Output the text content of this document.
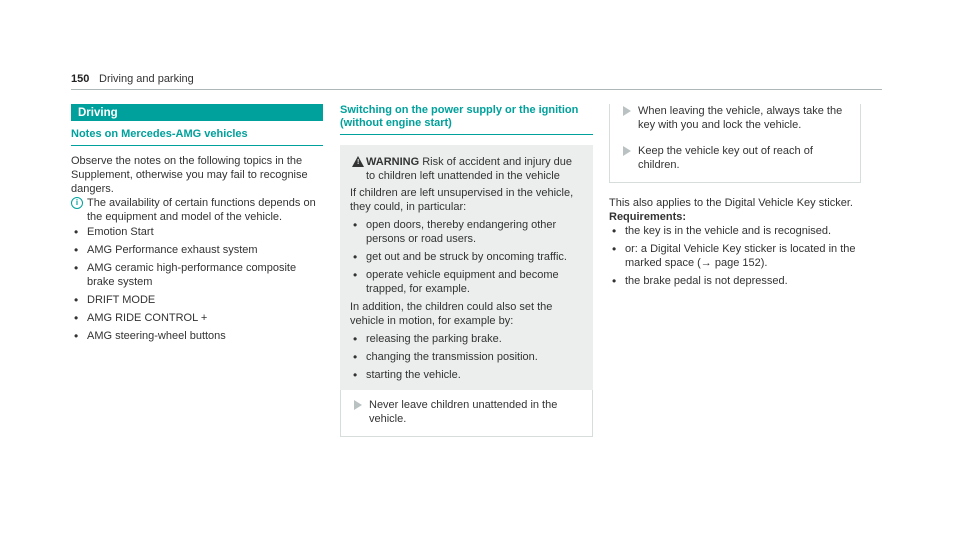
150 Driving and parking
Driving
Notes on Mercedes-AMG vehicles

Observe the notes on the following topics in the Supplement, otherwise you may fail to recognise dangers.

i The availability of certain functions depends on the equipment and model of the vehicle.
• Emotion Start
• AMG Performance exhaust system
• AMG ceramic high-performance composite brake system
• DRIFT MODE
• AMG RIDE CONTROL +
• AMG steering-wheel buttons
Switching on the power supply or the ignition (without engine start)
! WARNING Risk of accident and injury due to children left unattended in the vehicle

If children are left unsupervised in the vehicle, they could, in particular:

• open doors, thereby endangering other persons or road users.
• get out and be struck by oncoming traffic.
• operate vehicle equipment and become trapped, for example.

In addition, the children could also set the vehicle in motion, for example by:

• releasing the parking brake.
• changing the transmission position.
• starting the vehicle.
Never leave children unattended in the vehicle.
When leaving the vehicle, always take the key with you and lock the vehicle.
Keep the vehicle key out of reach of children.

This also applies to the Digital Vehicle Key sticker.

Requirements:

• the key is in the vehicle and is recognised.
• or: a Digital Vehicle Key sticker is located in the marked space (→ page 152).
• the brake pedal is not depressed.
